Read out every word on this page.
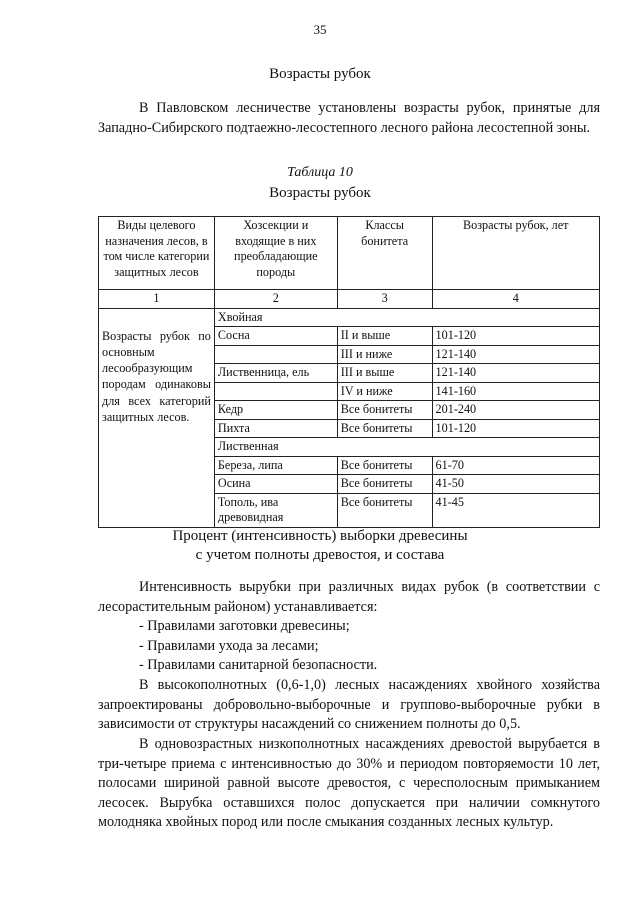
35
Возрасты рубок

В Павловском лесничестве установлены возрасты рубок, принятые для Западно-Сибирского подтаежно-лесостепного лесного района лесостепной зоны.

Таблица 10
Возрасты рубок
Виды целевого назначения лесов, в том числе категории защитных лесов	Хозсекции и входящие в них преобладающие породы	Классы бонитета	Возрасты рубок, лет
1	2	3	4
	Хвойная		
Возрасты рубок по основным лесообразующим породам одинаковы для всех категорий защитных лесов.	Сосна	II и выше	101-120
		III и ниже	121-140
	Лиственница, ель	III и выше	121-140
		IV и ниже	141-160
	Кедр	Все бонитеты	201-240
	Пихта	Все бонитеты	101-120
	Лиственная		
	Береза, липа	Все бонитеты	61-70
	Осина	Все бонитеты	41-50
	Тополь, ива древовидная	Все бонитеты	41-45
Процент (интенсивность) выборки древесины
с учетом полноты древостоя, и состава

Интенсивность вырубки при различных видах рубок (в соответствии с лесорастительным районом) устанавливается:

- Правилами заготовки древесины;
- Правилами ухода за лесами;
- Правилами санитарной безопасности.

В высокополнотных (0,6-1,0) лесных насаждениях хвойного хозяйства запроектированы добровольно-выборочные и группово-выборочные рубки в зависимости от структуры насаждений со снижением полноты до 0,5.

В одновозрастных низкополнотных насаждениях древостой вырубается в три-четыре приема с интенсивностью до 30% и периодом повторяемости 10 лет, полосами шириной равной высоте древостоя, с чересполосным примыканием лесосек. Вырубка оставшихся полос допускается при наличии сомкнутого молодняка хвойных пород или после смыкания созданных лесных культур.
